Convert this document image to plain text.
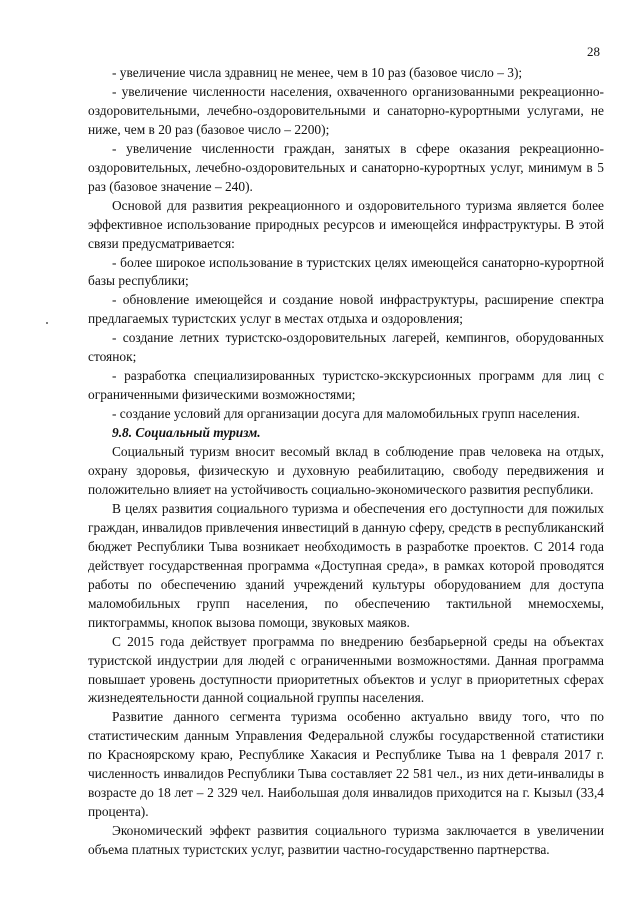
28

- увеличение числа здравниц не менее, чем в 10 раз (базовое число – 3);

- увеличение численности населения, охваченного организованными рекреационно-оздоровительными, лечебно-оздоровительными и санаторно-курортными услугами, не ниже, чем в 20 раз (базовое число – 2200);

- увеличение численности граждан, занятых в сфере оказания рекреационно-оздоровительных, лечебно-оздоровительных и санаторно-курортных услуг, минимум в 5 раз (базовое значение – 240).

Основой для развития рекреационного и оздоровительного туризма является более эффективное использование природных ресурсов и имеющейся инфраструктуры. В этой связи предусматривается:

- более широкое использование в туристских целях имеющейся санаторно-курортной базы республики;

- обновление имеющейся и создание новой инфраструктуры, расширение спектра предлагаемых туристских услуг в местах отдыха и оздоровления;

- создание летних туристско-оздоровительных лагерей, кемпингов, оборудованных стоянок;

- разработка специализированных туристско-экскурсионных программ для лиц с ограниченными физическими возможностями;

- создание условий для организации досуга для маломобильных групп населения.

9.8. Социальный туризм.

Социальный туризм вносит весомый вклад в соблюдение прав человека на отдых, охрану здоровья, физическую и духовную реабилитацию, свободу передвижения и положительно влияет на устойчивость социально-экономического развития республики.

В целях развития социального туризма и обеспечения его доступности для пожилых граждан, инвалидов привлечения инвестиций в данную сферу, средств в республиканский бюджет Республики Тыва возникает необходимость в разработке проектов. С 2014 года действует государственная программа «Доступная среда», в рамках которой проводятся работы по обеспечению зданий учреждений культуры оборудованием для доступа маломобильных групп населения, по обеспечению тактильной мнемосхемы, пиктограммы, кнопок вызова помощи, звуковых маяков.

С 2015 года действует программа по внедрению безбарьерной среды на объектах туристской индустрии для людей с ограниченными возможностями. Данная программа повышает уровень доступности приоритетных объектов и услуг в приоритетных сферах жизнедеятельности данной социальной группы населения.

Развитие данного сегмента туризма особенно актуально ввиду того, что по статистическим данным Управления Федеральной службы государственной статистики по Красноярскому краю, Республике Хакасия и Республике Тыва на 1 февраля 2017 г. численность инвалидов Республики Тыва составляет 22 581 чел., из них дети-инвалиды в возрасте до 18 лет – 2 329 чел. Наибольшая доля инвалидов приходится на г. Кызыл (33,4 процента).

Экономический эффект развития социального туризма заключается в увеличении объема платных туристских услуг, развитии частно-государственно партнерства.
